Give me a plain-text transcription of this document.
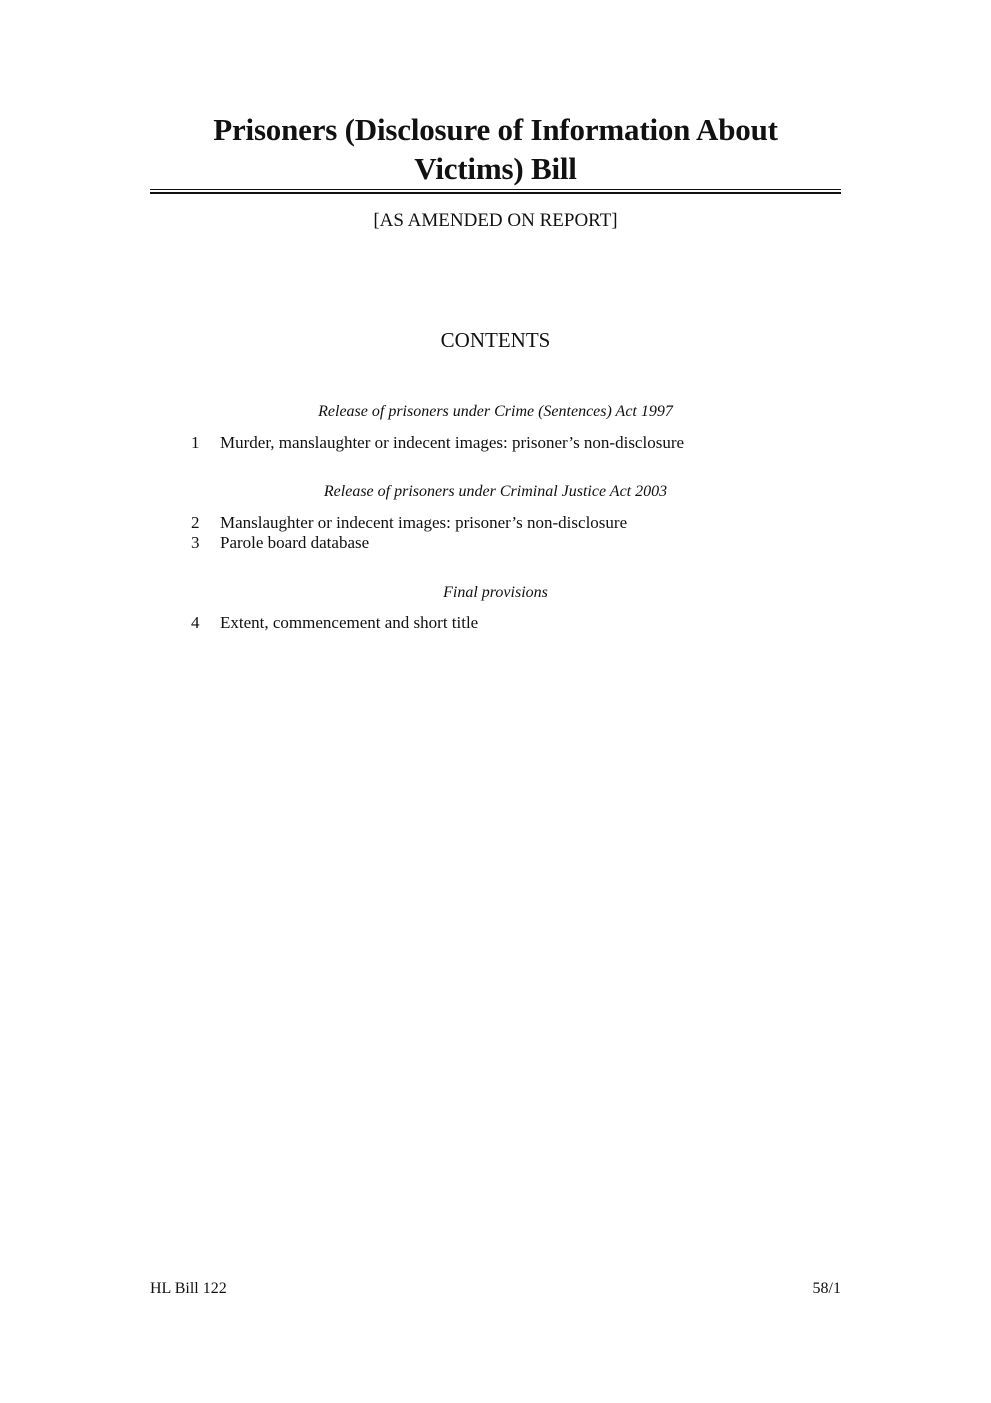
Prisoners (Disclosure of Information About
Victims) Bill
[AS AMENDED ON REPORT]
CONTENTS
Release of prisoners under Crime (Sentences) Act 1997
1 Murder, manslaughter or indecent images: prisoner’s non-disclosure
Release of prisoners under Criminal Justice Act 2003
2 Manslaughter or indecent images: prisoner’s non-disclosure
3 Parole board database
Final provisions
4 Extent, commencement and short title
HL Bill 122	58/1
